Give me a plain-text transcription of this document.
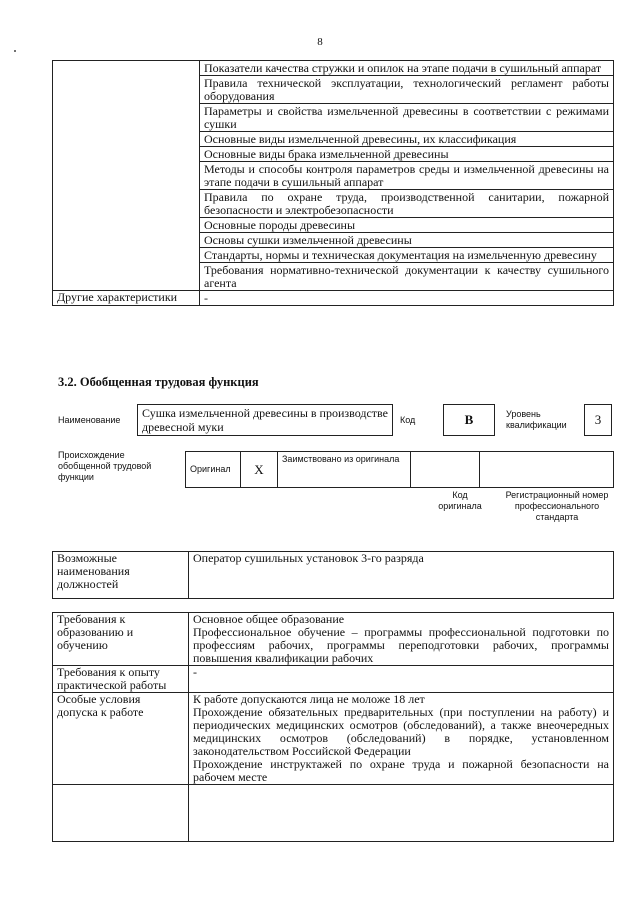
8
	Показатели качества стружки и опилок на этапе подачи в сушильный аппарат
	Правила технической эксплуатации, технологический регламент работы оборудования
	Параметры и свойства измельченной древесины в соответствии с режимами сушки
	Основные виды измельченной древесины, их классификация
	Основные виды брака измельченной древесины
	Методы и способы контроля параметров среды и измельченной древесины на этапе подачи в сушильный аппарат
	Правила по охране труда, производственной санитарии, пожарной безопасности и электробезопасности
	Основные породы древесины
	Основы сушки измельченной древесины
	Стандарты, нормы и техническая документация на измельченную древесину
	Требования нормативно-технической документации к качеству сушильного агента
Другие характеристики	-
3.2. Обобщенная трудовая функция
Наименование	Сушка измельченной древесины в производстве древесной муки	Код	В	Уровень квалификации	3
Происхождение обобщенной трудовой функции
Оригинал	Х	Заимствовано из оригинала		
Код оригинала
Регистрационный номер профессионального стандарта
Возможные наименования должностей	Оператор сушильных установок 3-го разряда
Требования к образованию и обучению	Основное общее образование
Профессиональное обучение – программы профессиональной подготовки по профессиям рабочих, программы переподготовки рабочих, программы повышения квалификации рабочих

Требования к опыту практической работы	-
Особые условия допуска к работе	К работе допускаются лица не моложе 18 лет
Прохождение обязательных предварительных (при поступлении на работу) и периодических медицинских осмотров (обследований), а также внеочередных медицинских осмотров (обследований) в порядке, установленном законодательством Российской Федерации
Прохождение инструктажей по охране труда и пожарной безопасности на рабочем месте
